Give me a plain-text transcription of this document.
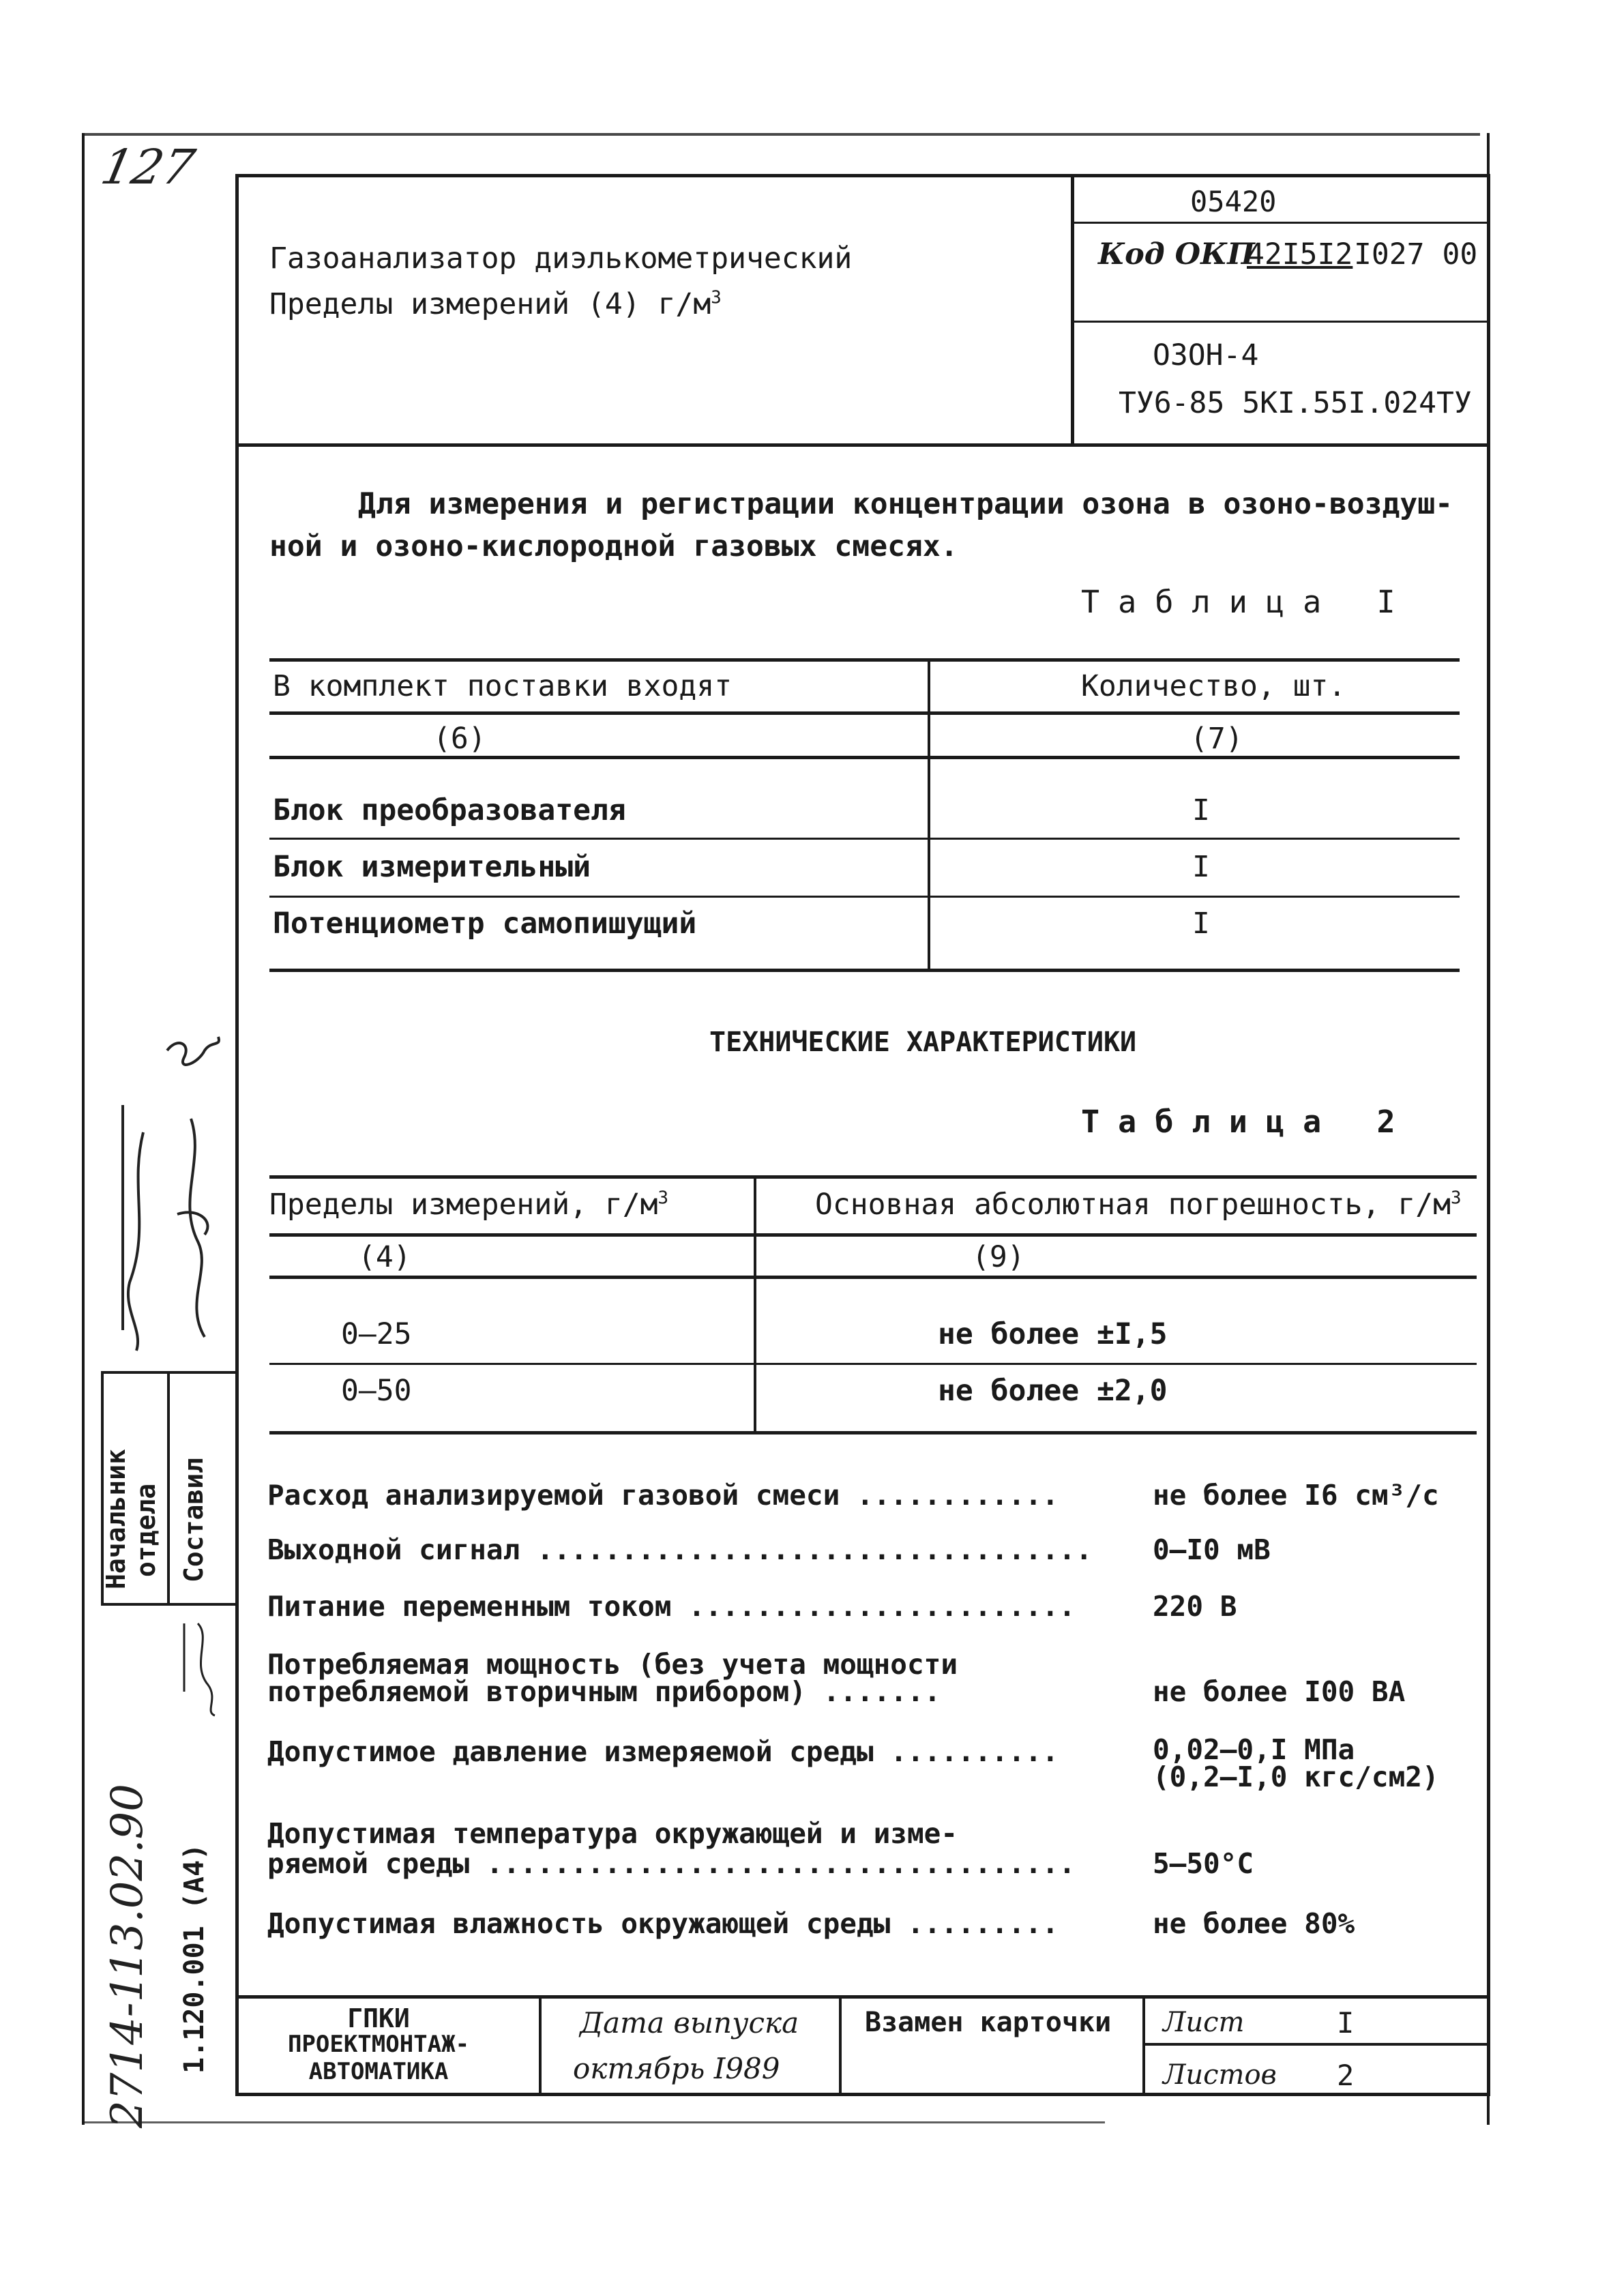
127
05420
Код ОКП
42I5I2 I027 00
Газоанализатор диэлькометрический
Пределы измерений (4) $г/м^3$
ОЗОН-4
ТУ6-85 5КI.55I.024ТУ
Для измерения и регистрации концентрации озона в озоно-воздуш-
ной и озоно-кислородной газовых смесях.
Т а б л и ц а   I
В комплект поставки входят	Количество, шт.
(6)	(7)
Блок преобразователя	I
Блок измерительный	I
Потенциометр самопишущий	I
ТЕХНИЧЕСКИЕ ХАРАКТЕРИСТИКИ
Т а б л и ц а   2
Пределы измерений, $г/м^3$	Основная абсолютная погрешность, $г/м^3$
(4)	(9)
0–25	не более ±I,5
0–50	не более ±2,0
Расход анализируемой газовой смеси ............	не более I6 см³/с
Выходной сигнал ................................. 0–I0 мВ
Питание переменным током .......................	220 В
Потребляемая мощность (без учета мощности
потребляемой вторичным прибором) .......	не более I00 ВА
Допустимое давление измеряемой среды ..........	0,02–0,I МПа
(0,2–I,0 кгс/см2)
Допустимая температура окружающей и изме-
ряемой среды ...................................	5–50°С
Допустимая влажность окружающей среды .........	не более 80%
ГПКИ
ПРОЕКТМОНТАЖ-
АВТОМАТИКА
Дата выпуска
октябрь I989
Взамен карточки Лист	I
Листов 2
Начальник отдела Составил
2714-1
13.02.90 1.120.001 (А4)
